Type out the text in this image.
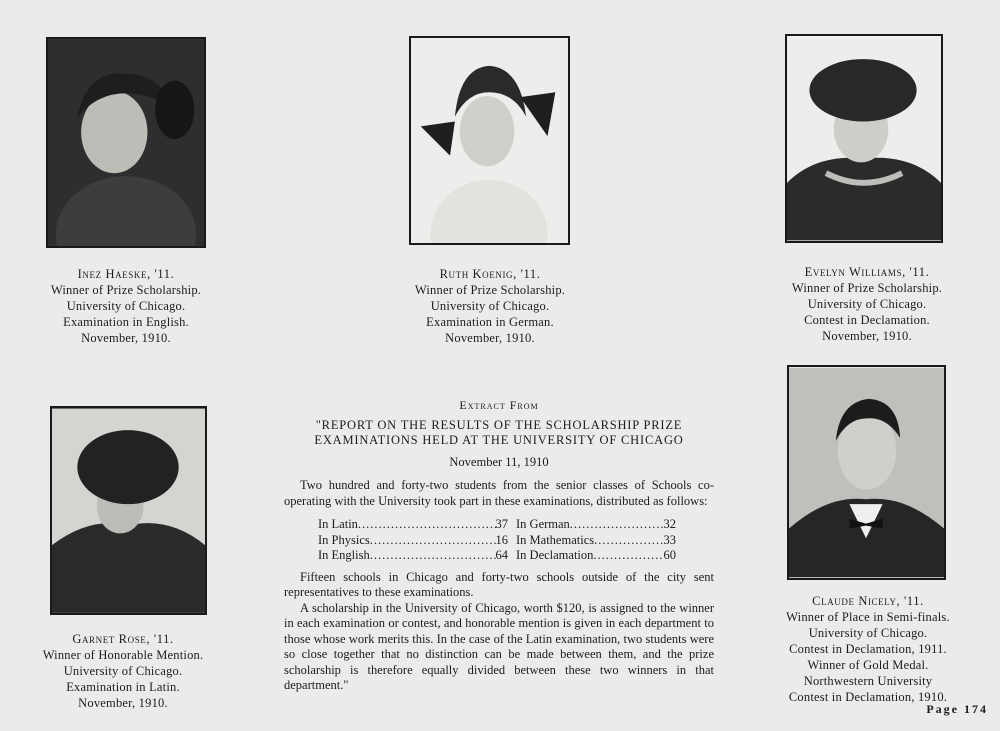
Inez Haeske, '11.
Winner of Prize Scholarship.
University of Chicago.
Examination in English.
November, 1910.
Ruth Koenig, '11.
Winner of Prize Scholarship.
University of Chicago.
Examination in German.
November, 1910.
Evelyn Williams, '11.
Winner of Prize Scholarship.
University of Chicago.
Contest in Declamation.
November, 1910.
Garnet Rose, '11.
Winner of Honorable Mention.
University of Chicago.
Examination in Latin.
November, 1910.
Claude Nicely, '11.
Winner of Place in Semi-finals.
University of Chicago.
Contest in Declamation, 1911.
Winner of Gold Medal.
Northwestern University
Contest in Declamation, 1910.
Extract From
"REPORT ON THE RESULTS OF THE SCHOLARSHIP PRIZE
EXAMINATIONS HELD AT THE UNIVERSITY OF CHICAGO
November 11, 1910

Two hundred and forty-two students from the senior classes of Schools co-operating with the University took part in these examinations, distributed as follows:

In Latin .....	37 In German .....	32
In Physics .....	16 In Mathematics .....	33
In English .....	64 In Declamation .....	60

Fifteen schools in Chicago and forty-two schools outside of the city sent representatives to these examinations.

A scholarship in the University of Chicago, worth $120, is assigned to the winner in each examination or contest, and honorable mention is given in each department to those whose work merits this. In the case of the Latin examination, two students were so close together that no distinction can be made between them, and the prize scholarship is therefore equally divided between these two winners in that department."

Page 174
